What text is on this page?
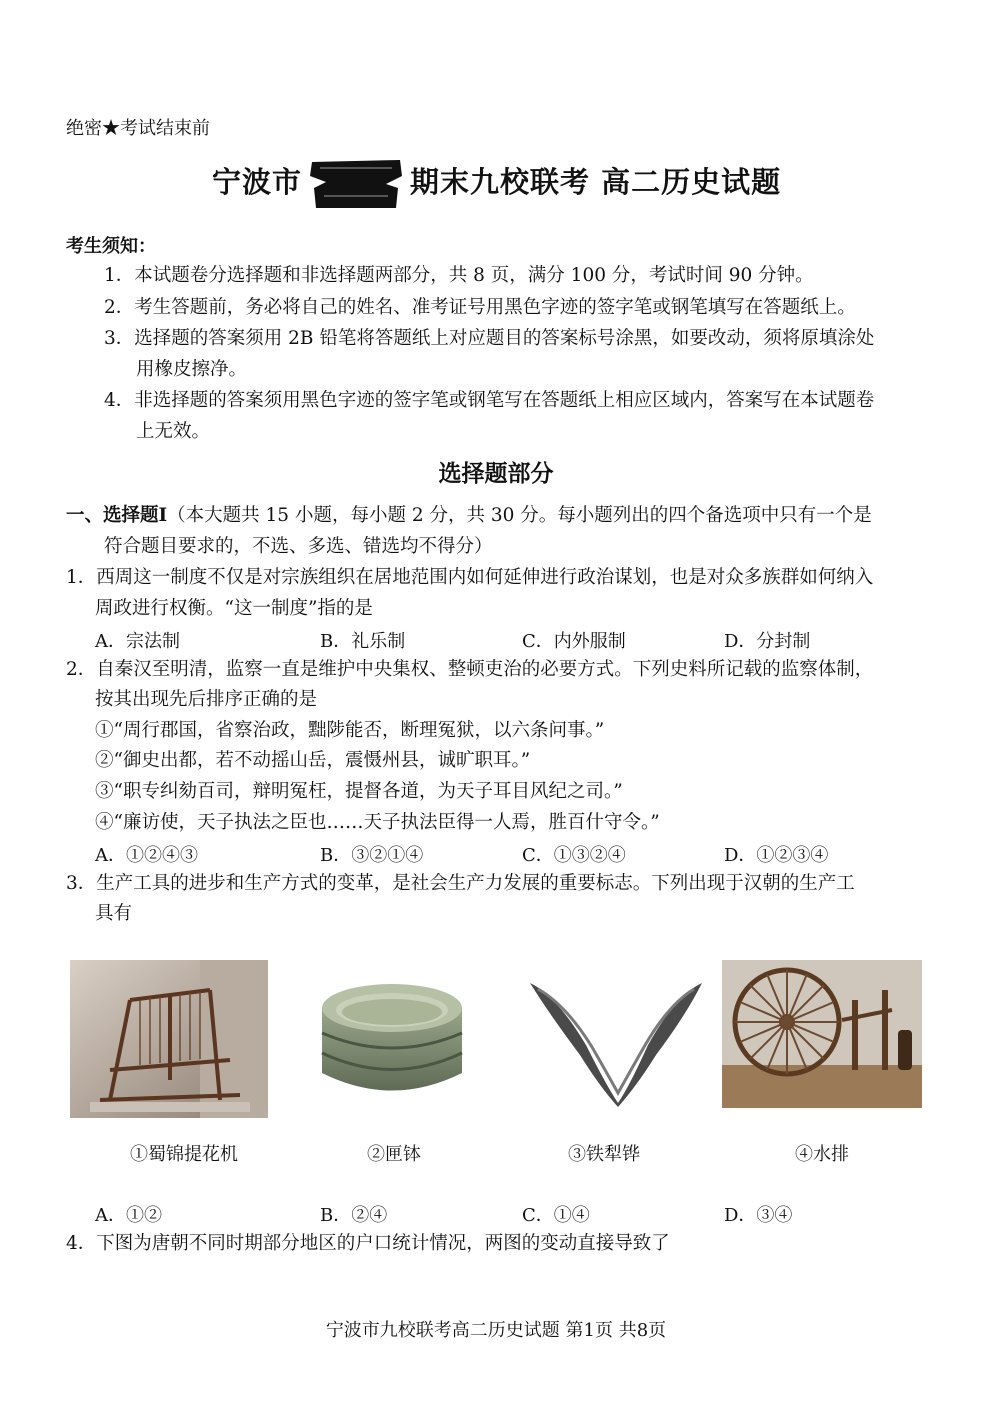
绝密★考试结束前
宁波市	期末九校联考 高二历史试题
考生须知：
1．本试题卷分选择题和非选择题两部分，共 8 页，满分 100 分，考试时间 90 分钟。
2．考生答题前，务必将自己的姓名、准考证号用黑色字迹的签字笔或钢笔填写在答题纸上。
3．选择题的答案须用 2B 铅笔将答题纸上对应题目的答案标号涂黑，如要改动，须将原填涂处
用橡皮擦净。
4．非选择题的答案须用黑色字迹的签字笔或钢笔写在答题纸上相应区域内，答案写在本试题卷
上无效。
选择题部分
一、选择题Ⅰ（本大题共 15 小题，每小题 2 分，共 30 分。每小题列出的四个备选项中只有一个是
符合题目要求的，不选、多选、错选均不得分）
1．西周这一制度不仅是对宗族组织在居地范围内如何延伸进行政治谋划，也是对众多族群如何纳入
周政进行权衡。“这一制度”指的是
A．宗法制	B．礼乐制	C．内外服制	D．分封制
2．自秦汉至明清，监察一直是维护中央集权、整顿吏治的必要方式。下列史料所记载的监察体制，
按其出现先后排序正确的是
①“周行郡国，省察治政，黜陟能否，断理冤狱，以六条问事。”
②“御史出都，若不动摇山岳，震慑州县，诚旷职耳。”
③“职专纠劾百司，辩明冤枉，提督各道，为天子耳目风纪之司。”
④“廉访使，天子执法之臣也……天子执法臣得一人焉，胜百什守令。”
A．①②④③	B．③②①④	C．①③②④	D．①②③④
3．生产工具的进步和生产方式的变革，是社会生产力发展的重要标志。下列出现于汉朝的生产工
具有
①蜀锦提花机	②匣钵	③铁犁铧	④水排
A．①②	B．②④	C．①④	D．③④
4．下图为唐朝不同时期部分地区的户口统计情况，两图的变动直接导致了
宁波市九校联考高二历史试题 第1页 共8页
